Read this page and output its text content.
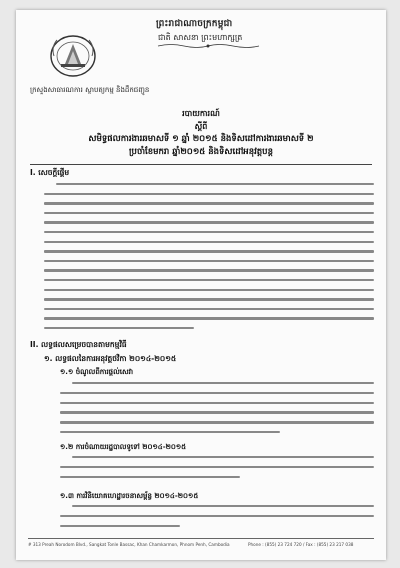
ព្រះរាជាណាចក្រកម្ពុជា
ជាតិ សាសនា ព្រះមហាក្សត្រ
ក្រសួងសាធារណការ ស្ថាបត្យកម្ម និងដឹកជញ្ជូន
របាយការណ៍
ស្តីពី
សមិទ្ធផលការងារឆមាសទី ១ ឆ្នាំ ២០១៥ និងទិសដៅការងារឆមាសទី ២
ប្រចាំខែមករា ឆ្នាំ២០១៥ និងទិសដៅអនុវត្តបន្ត
I. សេចក្តីផ្តើម
II. លទ្ធផលសម្រេចបានតាមកម្មវិធី
១. លទ្ធផលនៃការអនុវត្តថវិកា ២០១៤-២០១៥
១.១ ចំណូលពីការផ្តល់សេវា
១.២ ការចំណាយរដ្ឋបាលទូទៅ ២០១៤-២០១៥
១.៣ ការវិនិយោគហេដ្ឋារចនាសម្ព័ន្ធ ២០១៤-២០១៥
# 313 Preah Norodom Blvd., Sangkat Tonle Bassac, Khan Chamkarmon, Phnom Penh, Cambodia	Phone : (855) 23 724 720 / Fax : (855) 23 217 038
